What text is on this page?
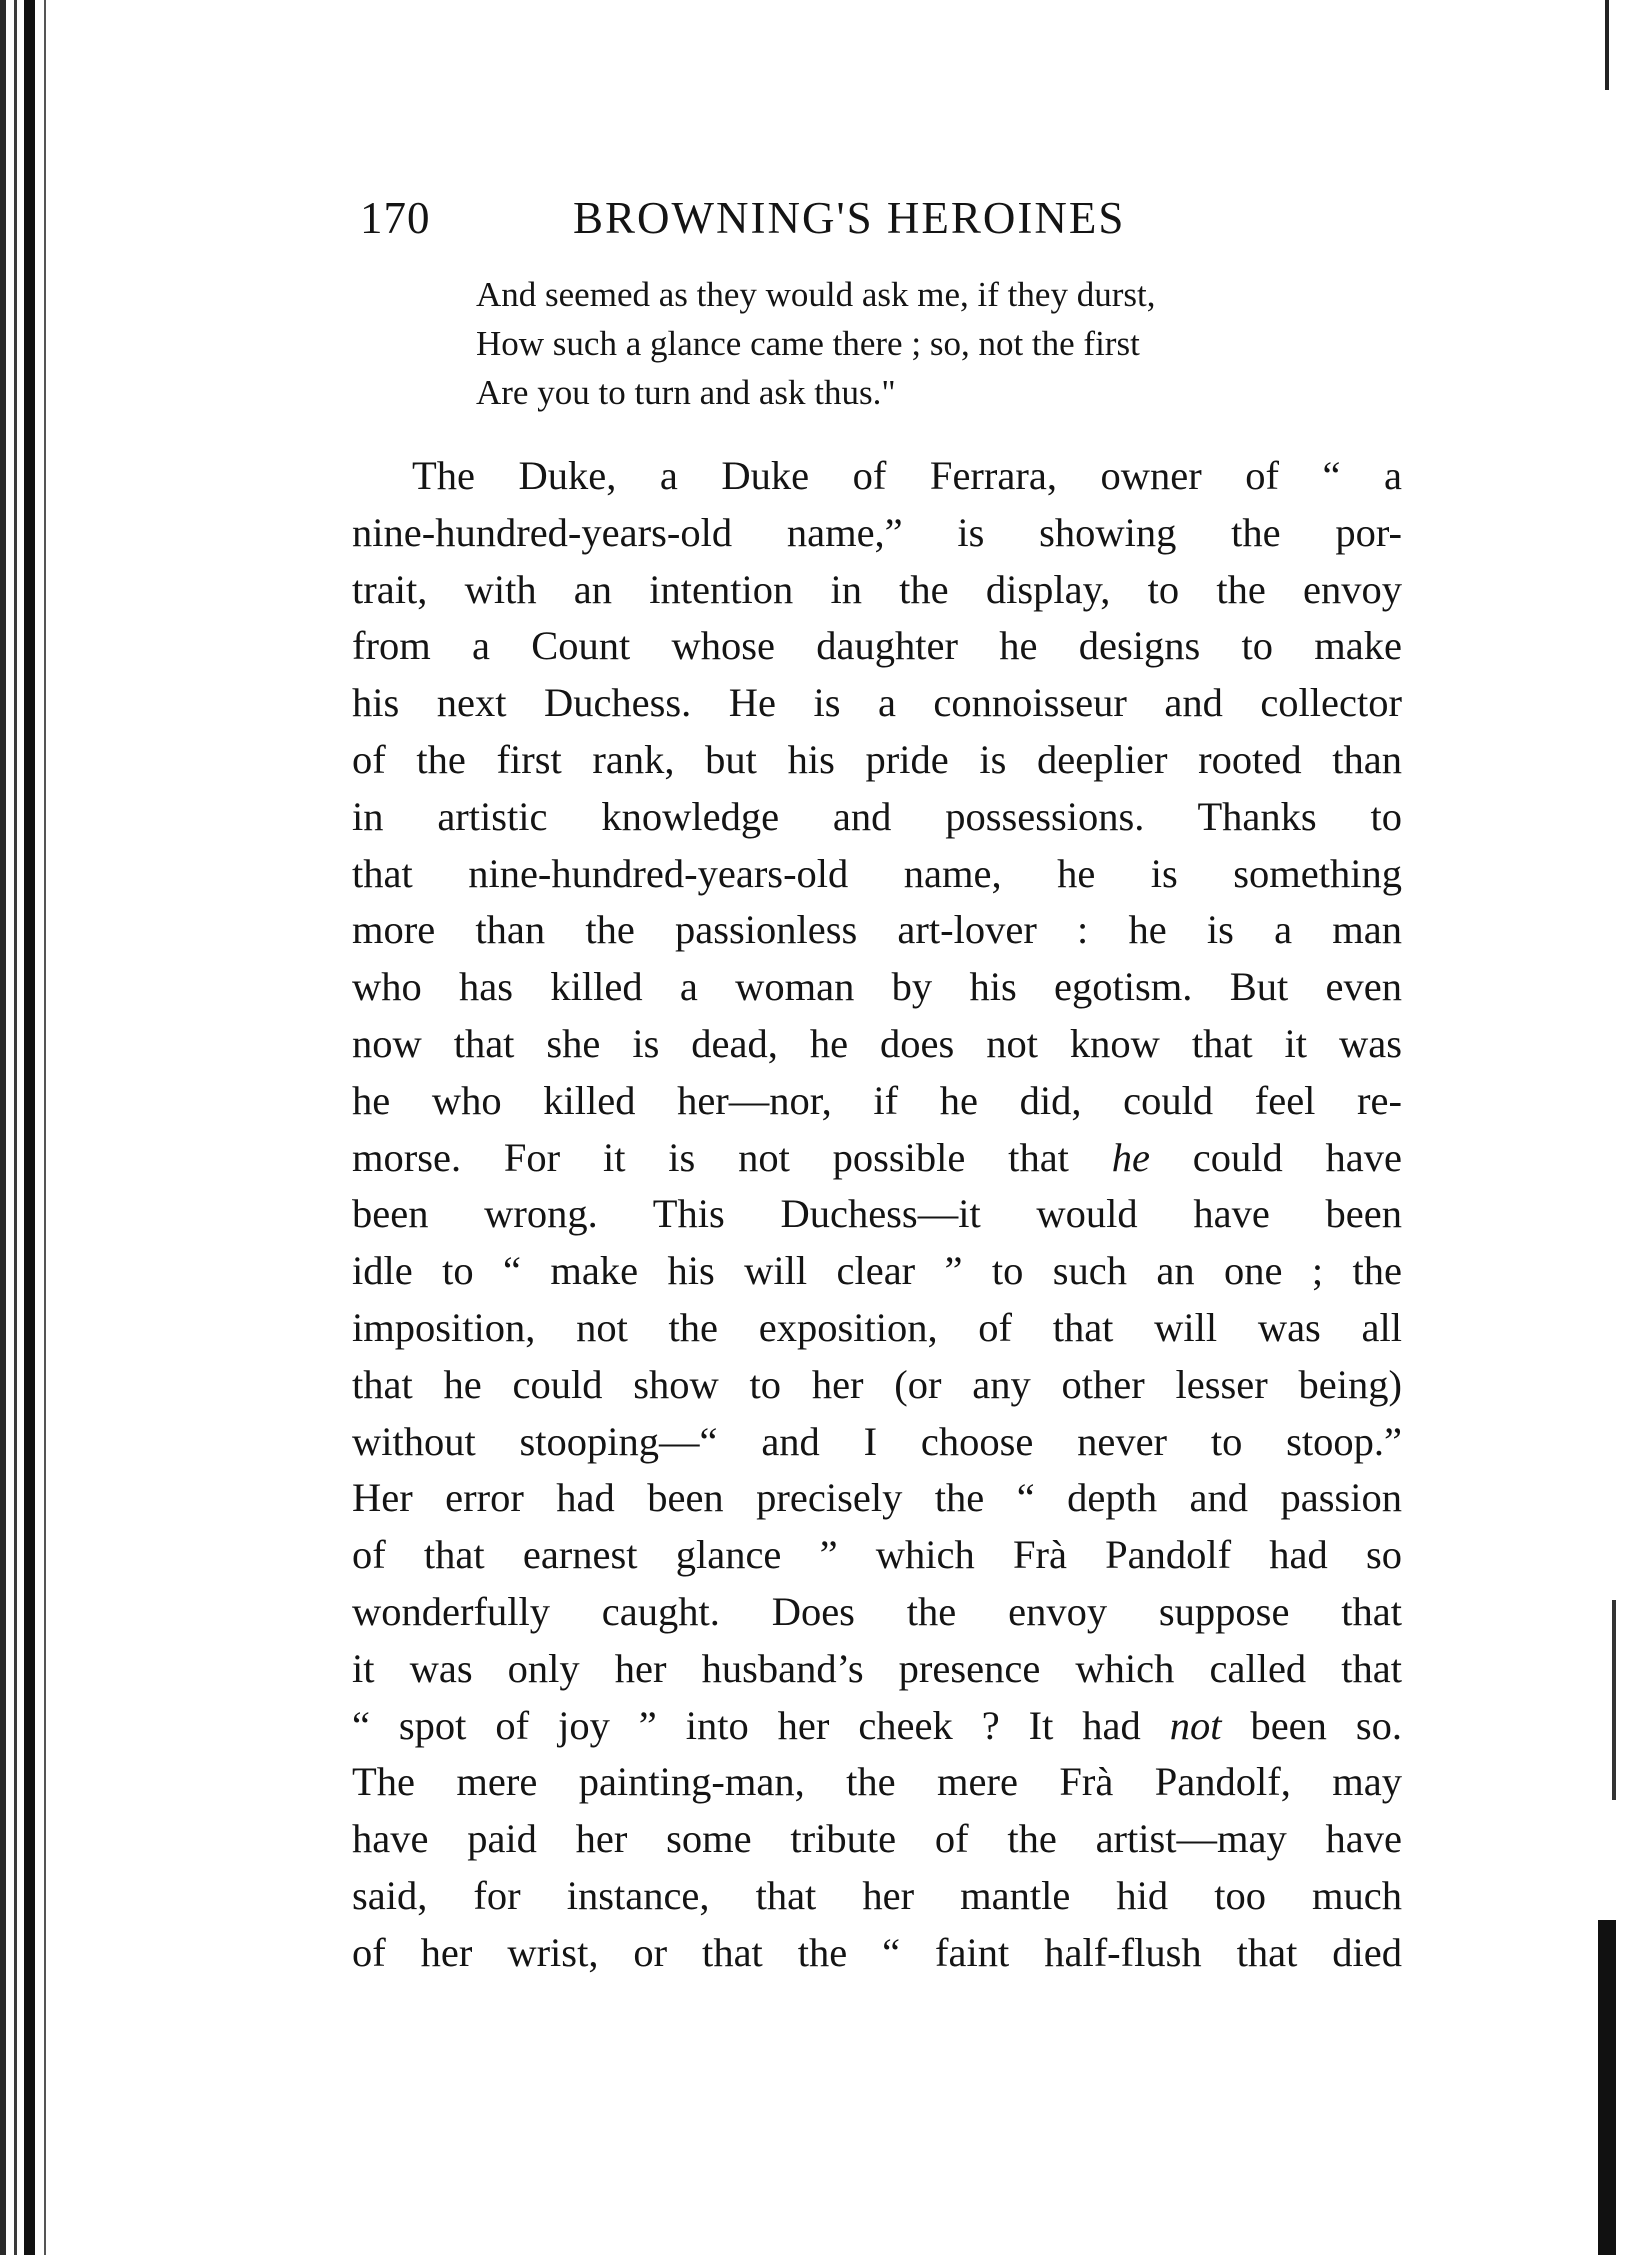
170	BROWNING'S HEROINES
And seemed as they would ask me, if they durst,
How such a glance came there ; so, not the first
Are you to turn and ask thus."
The Duke, a Duke of Ferrara, owner of “ a
nine-hundred-years-old name,” is showing the por-
trait, with an intention in the display, to the envoy
from a Count whose daughter he designs to make
his next Duchess. He is a connoisseur and collector
of the first rank, but his pride is deeplier rooted than
in artistic knowledge and possessions. Thanks to
that nine-hundred-years-old name, he is something
more than the passionless art-lover : he is a man
who has killed a woman by his egotism. But even
now that she is dead, he does not know that it was
he who killed her—nor, if he did, could feel re-
morse. For it is not possible that he could have
been wrong. This Duchess—it would have been
idle to “ make his will clear ” to such an one ; the
imposition, not the exposition, of that will was all
that he could show to her (or any other lesser being)
without stooping—“ and I choose never to stoop.”
Her error had been precisely the “ depth and passion
of that earnest glance ” which Frà Pandolf had so
wonderfully caught. Does the envoy suppose that
it was only her husband’s presence which called that
“ spot of joy ” into her cheek ? It had not been so.
The mere painting-man, the mere Frà Pandolf, may
have paid her some tribute of the artist—may have
said, for instance, that her mantle hid too much
of her wrist, or that the “ faint half-flush that died
